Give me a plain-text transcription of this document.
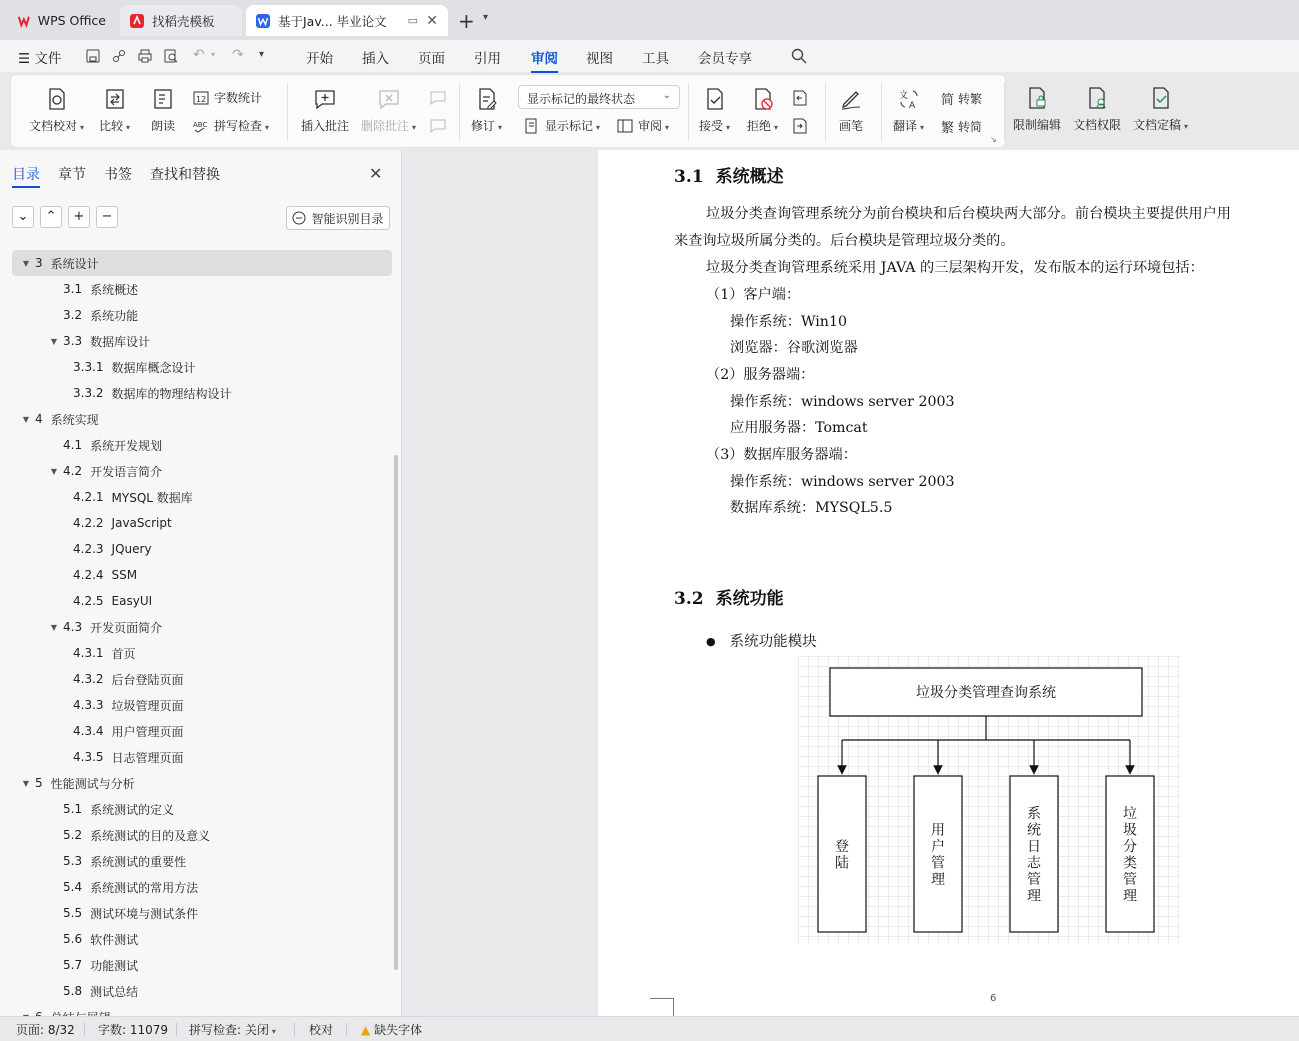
WPS Office	找稻壳模板	基于Jav... 毕业论文 ▭ ✕ + ▾
☰ 文件	↶ ▾ ↷ ▾	开始 插入 页面 引用 审阅 视图 工具 会员专享
文档校对 ▾ 比较 ▾ 朗读
12 字数统计
ABC 拼写检查 ▾	插入批注 删除批注 ▾	修订 ▾
显示标记的最终状态	⌄
显示标记 ▾	审阅 ▾ 接受 ▾ 拒绝 ▾	画笔
文
A
翻译 ▾
简 转繁
繁 转简
↘
限制编辑 文档权限 文档定稿 ▾
目录 章节 书签 查找和替换	✕
⌄	⌃	+	−	智能识别目录
▼ 3 系统设计
3.1 系统概述
3.2 系统功能
▼ 3.3 数据库设计
3.3.1 数据库概念设计
3.3.2 数据库的物理结构设计
▼ 4 系统实现
4.1 系统开发规划
▼ 4.2 开发语言简介
4.2.1 MYSQL 数据库
4.2.2 JavaScript
4.2.3 JQuery
4.2.4 SSM
4.2.5 EasyUI
▼ 4.3 开发页面简介
4.3.1 首页
4.3.2 后台登陆页面
4.3.3 垃圾管理页面
4.3.4 用户管理页面
4.3.5 日志管理页面
▼ 5 性能测试与分析
5.1 系统测试的定义
5.2 系统测试的目的及意义
5.3 系统测试的重要性
5.4 系统测试的常用方法
5.5 测试环境与测试条件
5.6 软件测试
5.7 功能测试
5.8 测试总结
3.1 系统概述
垃圾分类查询管理系统分为前台模块和后台模块两大部分。前台模块主要提供用户用
来查询垃圾所属分类的。后台模块是管理垃圾分类的。
垃圾分类查询管理系统采用 JAVA 的三层架构开发，发布版本的运行环境包括：
（1）客户端：
操作系统：Win10
浏览器：谷歌浏览器
（2）服务器端：
操作系统：windows server 2003
应用服务器：Tomcat
（3）数据库服务器端：
操作系统：windows server 2003
数据库系统：MYSQL5.5
3.2 系统功能
● 系统功能模块
垃圾分类管理查询系统
登陆
用户管理
系统日志管理
垃圾分类管理
6
页面: 8/32 字数: 11079 拼写检查: 关闭 ▾	校对 ▲ 缺失字体
